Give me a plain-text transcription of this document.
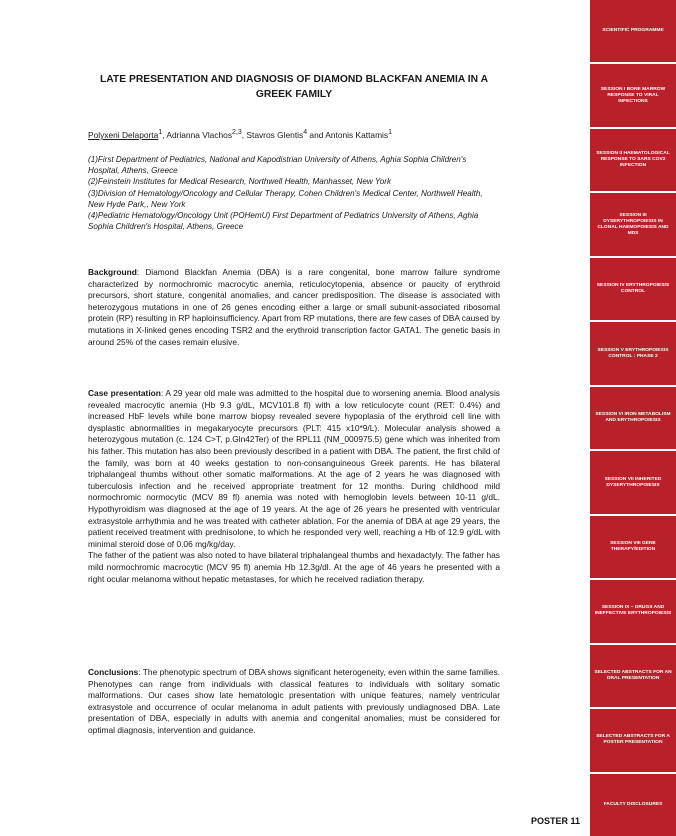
LATE PRESENTATION AND DIAGNOSIS OF DIAMOND BLACKFAN ANEMIA IN A GREEK FAMILY
Polyxeni Delaporta$^1$, Adrianna Vlachos$^{2,3}$, Stavros Glentis$^4$ and Antonis Kattamis$^1$
(1)First Department of Pediatrics, National and Kapodistrian University of Athens, Aghia Sophia Children's Hospital, Athens, Greece
(2)Feinstein Institutes for Medical Research, Northwell Health, Manhasset, New York
(3)Division of Hematology/Oncology and Cellular Therapy, Cohen Children's Medical Center, Northwell Health, New Hyde Park,, New York
(4)Pediatric Hematology/Oncology Unit (POHemU) First Department of Pediatrics University of Athens, Aghia Sophia Children's Hospital, Athens, Greece

Background: Diamond Blackfan Anemia (DBA) is a rare congenital, bone marrow failure syndrome characterized by normochromic macrocytic anemia, reticulocytopenia, absence or paucity of erythroid precursors, short stature, congenital anomalies, and cancer predisposition. The disease is associated with heterozygous mutations in one of 26 genes encoding either a large or small subunit-associated ribosomal protein (RP) resulting in RP haploinsufficiency. Apart from RP mutations, there are few cases of DBA caused by mutations in X-linked genes encoding TSR2 and the erythroid transcription factor GATA1. The genetic basis in around 25% of the cases remain elusive.

Case presentation: A 29 year old male was admitted to the hospital due to worsening anemia. Blood analysis revealed macrocytic anemia (Hb 9.3 g/dL, MCV101.8 fl) with a low reticulocyte count (RET: 0.4%) and increased HbF levels while bone marrow biopsy revealed severe hypoplasia of the erythroid cell line with dysplastic abnormalities in megakaryocyte precursors (PLT: 415 x10*9/L). Molecular analysis showed a heterozygous mutation (c. 124 C>T, p.Gln42Ter) of the RPL11 (NM_000975.5) gene which was inherited from his father. This mutation has also been previously described in a patient with DBA. The patient, the first child of the family, was born at 40 weeks gestation to non-consanguineous Greek parents. He has bilateral triphalangeal thumbs without other somatic malformations. At the age of 2 years he was diagnosed with tuberculosis infection and he received appropriate treatment for 12 months. During childhood mild normochromic normocytic (MCV 89 fl) anemia was noted with hemoglobin levels between 10-11 g/dL. Hypothyroidism was diagnosed at the age of 19 years. At the age of 26 years he presented with ventricular extrasystole arrhythmia and he was treated with catheter ablation. For the anemia of DBA at age 29 years, the patient received treatment with prednisolone, to which he responded very well, reaching a Hb of 12.9 g/dL with minimal steroid dose of 0.06 mg/kg/day.

The father of the patient was also noted to have bilateral triphalangeal thumbs and hexadactyly. The father has mild normochromic macrocytic (MCV 95 fl) anemia Hb 12.3g/dl. At the age of 46 years he presented with a right ocular melanoma without hepatic metastases, for which he received radiation therapy.

Conclusions: The phenotypic spectrum of DBA shows significant heterogeneity, even within the same families. Phenotypes can range from individuals with classical features to individuals with solitary somatic malformations. Our cases show late hematologic presentation with unique features, namely ventricular extrasystole and occurrence of ocular melanoma in adult patients with previously undiagnosed DBA. Late presentation of DBA, especially in adults with anemia and congenital anomalies, must be considered for optimal diagnosis, intervention and guidance.

POSTER 11
SCIENTIFIC PROGRAMME
SESSION I BONE MARROW RESPONSE TO VIRAL INFECTIONS
SESSION II HAEMATOLOGICAL RESPONSE TO SARS COV2 INFECTION
SESSION III DYSERYTHROPOIESIS IN CLONAL HAEMOPOIESIS AND MDS
SESSION IV ERYTHROPOIESIS CONTROL
SESSION V ERYTHROPOIESIS CONTROL : PHASE 2
SESSION VI IRON METABOLISM AND ERYTHROPOIESIS
SESSION VII INHERITED DYSERYTHROPOIESIS
SESSION VIII GENE THERAPY/EDITION
SESSION IX – DRUGS AND INEFFECTIVE ERYTHROPOIESIS
SELECTED ABSTRACTS FOR AN ORAL PRESENTATION
SELECTED ABSTRACTS FOR A POSTER PRESENTATION
FACULTY DISCLOSURES
